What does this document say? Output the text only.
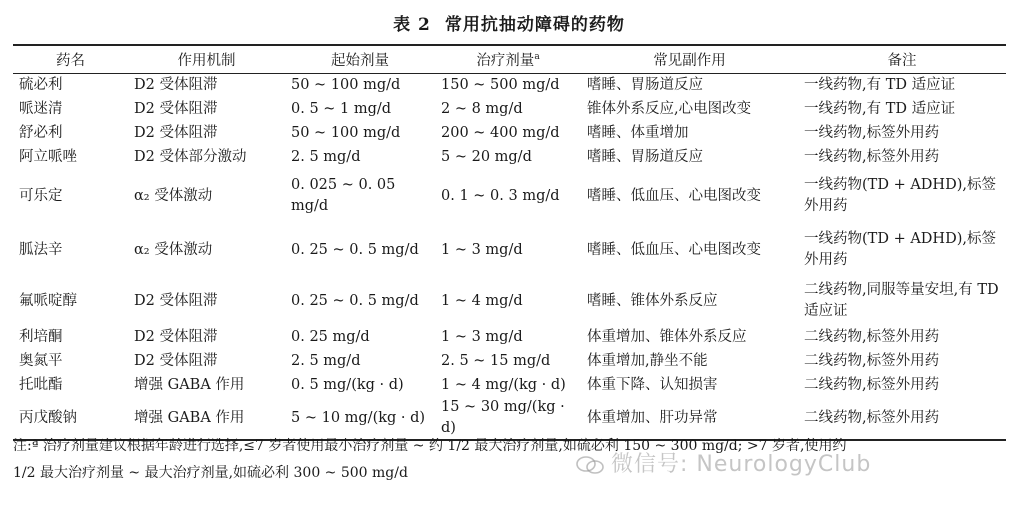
表 2 常用抗抽动障碍的药物
药名	作用机制	起始剂量	治疗剂量$^a$	常见副作用	备注
硫必利	D2 受体阻滞	50 ~ 100 mg/d	150 ~ 500 mg/d	嗜睡、胃肠道反应	一线药物,有 TD 适应证
哌迷清	D2 受体阻滞	0. 5 ~ 1 mg/d	2 ~ 8 mg/d	锥体外系反应,心电图改变	一线药物,有 TD 适应证
舒必利	D2 受体阻滞	50 ~ 100 mg/d	200 ~ 400 mg/d	嗜睡、体重增加	一线药物,标签外用药
阿立哌唑	D2 受体部分激动	2. 5 mg/d	5 ~ 20 mg/d	嗜睡、胃肠道反应	一线药物,标签外用药
可乐定	α₂ 受体激动	0. 025 ~ 0. 05 mg/d	0. 1 ~ 0. 3 mg/d	嗜睡、低血压、心电图改变	一线药物(TD + ADHD),标签外用药
胍法辛	α₂ 受体激动	0. 25 ~ 0. 5 mg/d	1 ~ 3 mg/d	嗜睡、低血压、心电图改变	一线药物(TD + ADHD),标签外用药
氟哌啶醇	D2 受体阻滞	0. 25 ~ 0. 5 mg/d	1 ~ 4 mg/d	嗜睡、锥体外系反应	二线药物,同服等量安坦,有 TD 适应证
利培酮	D2 受体阻滞	0. 25 mg/d	1 ~ 3 mg/d	体重增加、锥体外系反应	二线药物,标签外用药
奥氮平	D2 受体阻滞	2. 5 mg/d	2. 5 ~ 15 mg/d	体重增加,静坐不能	二线药物,标签外用药
托吡酯	增强 GABA 作用	0. 5 mg/(kg · d)	1 ~ 4 mg/(kg · d)	体重下降、认知损害	二线药物,标签外用药
丙戊酸钠	增强 GABA 作用	5 ~ 10 mg/(kg · d)	15 ~ 30 mg/(kg · d)	体重增加、肝功异常	二线药物,标签外用药
注:ª 治疗剂量建议根据年龄进行选择,≤7 岁者使用最小治疗剂量 ~ 约 1/2 最大治疗剂量,如硫必利 150 ~ 300 mg/d; >7 岁者,使用约
1/2 最大治疗剂量 ~ 最大治疗剂量,如硫必利 300 ~ 500 mg/d	微信号: NeurologyClub
